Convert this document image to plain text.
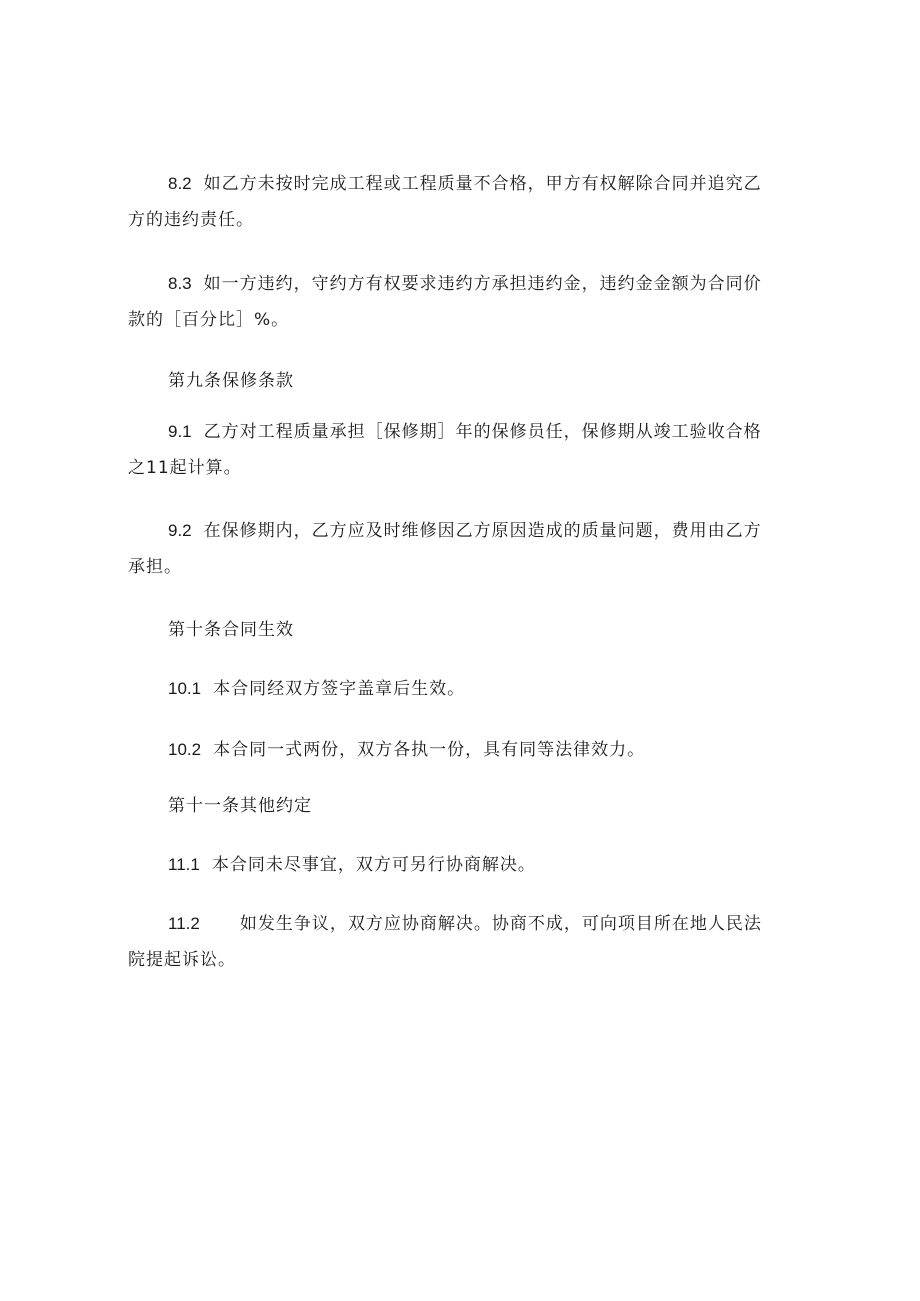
8.2 如乙方未按时完成工程或工程质量不合格，甲方有权解除合同并追究乙
方的违约责任。
8.3 如一方违约，守约方有权要求违约方承担违约金，违约金金额为合同价
款的［百分比］%。
第九条保修条款
9.1 乙方对工程质量承担［保修期］年的保修员任，保修期从竣工验收合格
之11起计算。
9.2 在保修期内，乙方应及时维修因乙方原因造成的质量问题，费用由乙方
承担。
第十条合同生效
10.1 本合同经双方签字盖章后生效。
10.2 本合同一式两份，双方各执一份，具有同等法律效力。
第十一条其他约定
11.1 本合同未尽事宜，双方可另行协商解决。
11.2 如发生争议，双方应协商解决。协商不成，可向项目所在地人民法
院提起诉讼。
